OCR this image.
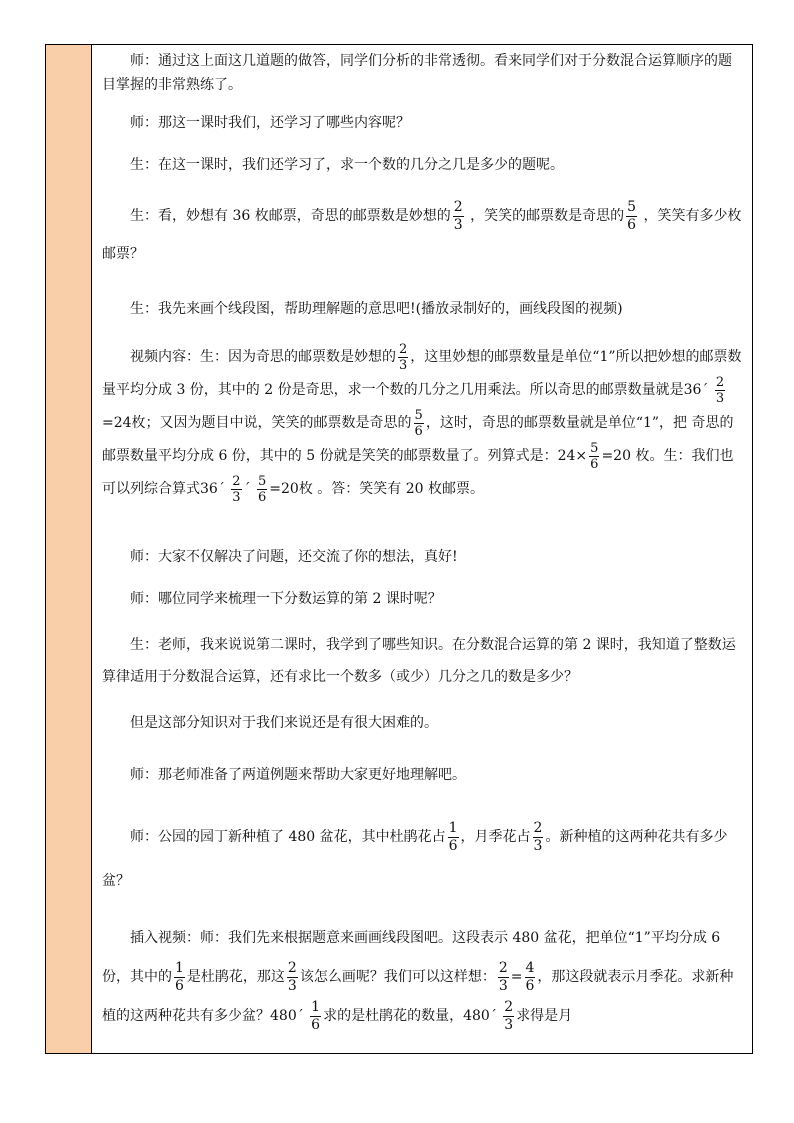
师：通过这上面这几道题的做答，同学们分析的非常透彻。看来同学们对于分数混合运算顺序的题目掌握的非常熟练了。

师：那这一课时我们，还学习了哪些内容呢？

生：在这一课时，我们还学习了，求一个数的几分之几是多少的题呢。

生：看，妙想有 36 枚邮票，奇思的邮票数是妙想的 $\frac{2}{3}$ ，笑笑的邮票数是奇思的 $\frac{5}{6}$ ，笑笑有多少枚邮票？

生：我先来画个线段图，帮助理解题的意思吧!(播放录制好的，画线段图的视频)

视频内容：生：因为奇思的邮票数是妙想的 $\frac{2}{3}$ ，这里妙想的邮票数量是单位“1”所以把妙想的邮票数量平均分成 3 份，其中的 2 份是奇思，求一个数的几分之几用乘法。所以奇思的邮票数量就是36´ $\frac{2}{3}$
=24枚；又因为题目中说，笑笑的邮票数是奇思的 $\frac{5}{6}$ ，这时，奇思的邮票数量就是单位“1”，把 奇思的邮票数量平均分成 6 份，其中的 5 份就是笑笑的邮票数量了。列算式是：$24\times \frac{5}{6} =20$ 枚。生：我们也可以列综合算式36´ $\frac{2}{3}$ ´ $\frac{5}{6} =20$枚 。答：笑笑有 20 枚邮票。

师：大家不仅解决了问题，还交流了你的想法，真好!

师：哪位同学来梳理一下分数运算的第 2 课时呢？

生：老师，我来说说第二课时，我学到了哪些知识。在分数混合运算的第 2 课时，我知道了整数运算律适用于分数混合运算，还有求比一个数多（或少）几分之几的数是多少？

但是这部分知识对于我们来说还是有很大困难的。

师：那老师准备了两道例题来帮助大家更好地理解吧。

师：公园的园丁新种植了 480 盆花，其中杜鹃花占 $\frac{1}{6}$ ，月季花占 $\frac{2}{3}$ 。新种植的这两种花共有多少盆？

插入视频：师：我们先来根据题意来画画线段图吧。这段表示 480 盆花，把单位“1”平均分成 6 份，其中的 $\frac{1}{6}$ 是杜鹃花，那这 $\frac{2}{3}$ 该怎么画呢？我们可以这样想： $\frac{2}{3} = \frac{4}{6}$ ，那这段就表示月季花。求新种植的这两种花共有多少盆？480´ $\frac{1}{6}$ 求的是杜鹃花的数量，480´ $\frac{2}{3}$ 求得是月
